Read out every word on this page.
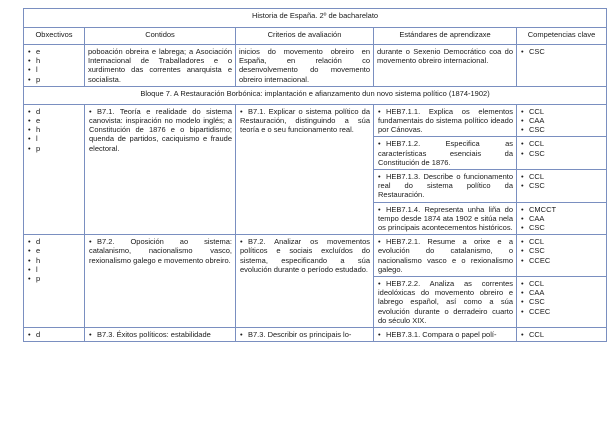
Historia de España. 2º de bacharelato				
Obxectivos	Contidos	Criterios de avaliación	Estándares de aprendizaxe	Competencias clave

• e
• h
• l
• p	poboación obreira e labrega; a Asociación Internacional de Traballadores e o xurdimento das correntes anarquista e socialista.	inicios do movemento obreiro en España, en relación co desenvolvemento do movemento obreiro internacional.	durante o Sexenio Democrático coa do movemento obreiro internacional.	• CSC

Bloque 7. A Restauración Borbónica: implantación e afianzamento dun novo sistema político (1874-1902)				

• d
• e
• h
• l
• p	• B7.1. Teoría e realidade do sistema canovista: inspiración no modelo inglés; a Constitución de 1876 e o bipartidismo; quenda de partidos, caciquismo e fraude electoral.	• B7.1. Explicar o sistema político da Restauración, distinguindo a súa teoría e o seu funcionamento real.	• HEB7.1.1. Explica os elementos fundamentais do sistema político ideado por Cánovas.	• CCL
• CAA
• CSC

			• HEB7.1.2. Especifica as características esenciais da Constitución de 1876.	• CCL
• CSC

			• HEB7.1.3. Describe o funcionamento real do sistema político da Restauración.	• CCL
• CSC

			• HEB7.1.4. Representa unha liña do tempo desde 1874 ata 1902 e sitúa nela os principais acontecementos históricos.	• CMCCT
• CAA
• CSC

• d
• e
• h
• l
• p	• B7.2. Oposición ao sistema: catalanismo, nacionalismo vasco, rexionalismo galego e movemento obreiro.	• B7.2. Analizar os movementos políticos e sociais excluídos do sistema, especificando a súa evolución durante o período estudado.	• HEB7.2.1. Resume a orixe e a evolución do catalanismo, o nacionalismo vasco e o rexionalismo galego.	• CCL
• CSC
• CCEC

			• HEB7.2.2. Analiza as correntes ideolóxicas do movemento obreiro e labrego español, así como a súa evolución durante o derradeiro cuarto do século XIX.	• CCL
• CAA
• CSC
• CCEC

• d	• B7.3. Éxitos políticos: estabilidade	• B7.3. Describir os principais lo-	• HEB7.3.1. Compara o papel polí-	• CCL
